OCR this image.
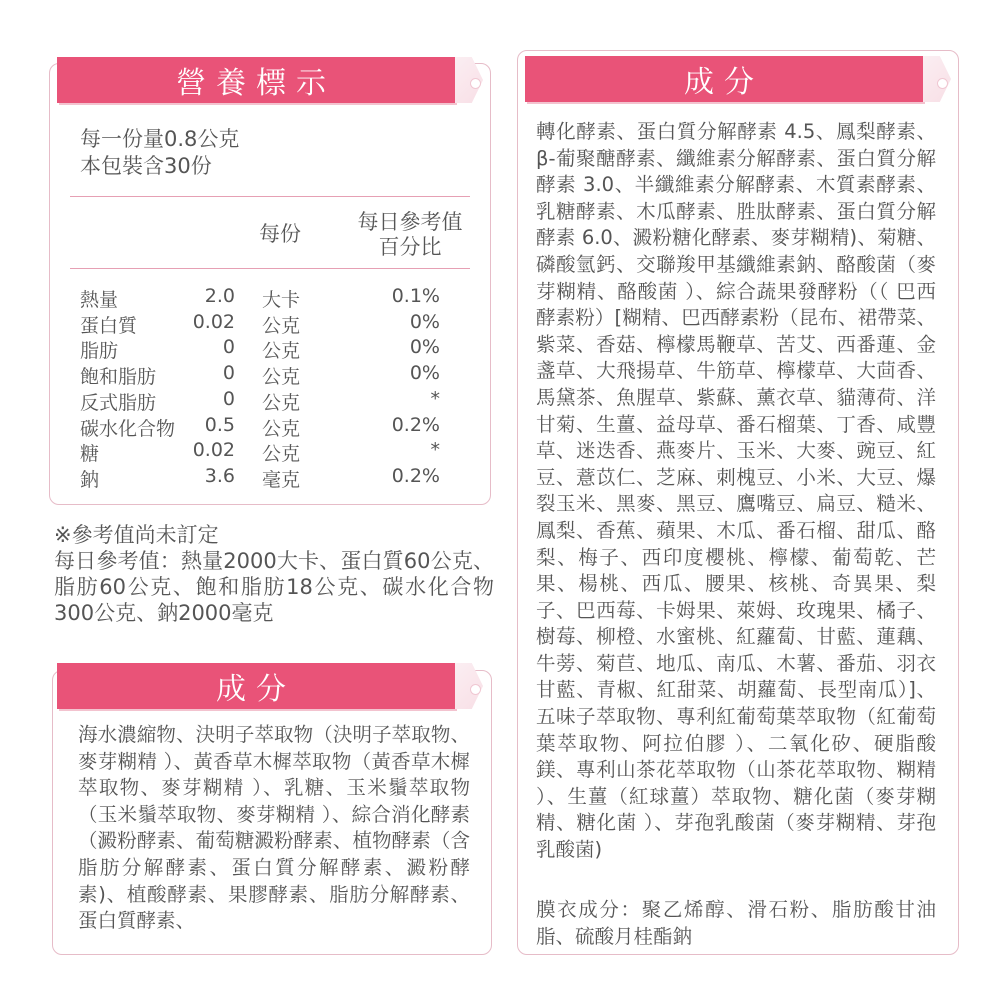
營養標示
每一份量0.8公克
本包裝含30份
每份	每日參考值
百分比
熱量	2.0 大卡	0.1%
蛋白質	0.02 公克	0%
脂肪	0 公克	0%
飽和脂肪	0 公克	0%
反式脂肪	0 公克	*
碳水化合物 0.5 公克	0.2%
糖	0.02 公克	*
鈉	3.6 毫克	0.2%
※參考值尚未訂定
每日參考值：熱量2000大卡、蛋白質60公克、脂肪60公克、飽和脂肪18公克、碳水化合物300公克、鈉2000毫克
成分
海水濃縮物、決明子萃取物（決明子萃取物、麥芽糊精 ）、黃香草木樨萃取物（黃香草木樨萃取物、麥芽糊精 ）、乳糖、玉米鬚萃取物（玉米鬚萃取物、麥芽糊精 ）、綜合消化酵素（澱粉酵素、葡萄糖澱粉酵素、植物酵素（含脂肪分解酵素、蛋白質分解酵素、澱粉酵素)、植酸酵素、果膠酵素、脂肪分解酵素、蛋白質酵素、
成分
轉化酵素、蛋白質分解酵素 4.5、鳳梨酵素、β-葡聚醣酵素、纖維素分解酵素、蛋白質分解酵素 3.0、半纖維素分解酵素、木質素酵素、乳糖酵素、木瓜酵素、胜肽酵素、蛋白質分解酵素 6.0、澱粉糖化酵素、麥芽糊精)、菊糖、磷酸氫鈣、交聯羧甲基纖維素鈉、酪酸菌（麥芽糊精、酪酸菌 ）、綜合蔬果發酵粉（（ 巴西酵素粉）[糊精、巴西酵素粉（昆布、裙帶菜、紫菜、香菇、檸檬馬鞭草、苦艾、西番蓮、金盞草、大飛揚草、牛筋草、檸檬草、大茴香、馬黛茶、魚腥草、紫蘇、薰衣草、貓薄荷、洋甘菊、生薑、益母草、番石榴葉、丁香、咸豐草、迷迭香、燕麥片、玉米、大麥、豌豆、紅豆、薏苡仁、芝麻、刺槐豆、小米、大豆、爆裂玉米、黑麥、黑豆、鷹嘴豆、扁豆、糙米、鳳梨、香蕉、蘋果、木瓜、番石榴、甜瓜、酪梨、梅子、西印度櫻桃、檸檬、葡萄乾、芒果、楊桃、西瓜、腰果、核桃、奇異果、梨子、巴西莓、卡姆果、萊姆、玫瑰果、橘子、樹莓、柳橙、水蜜桃、紅蘿蔔、甘藍、蓮藕、牛蒡、菊苣、地瓜、南瓜、木薯、番茄、羽衣甘藍、青椒、紅甜菜、胡蘿蔔、長型南瓜）]、五味子萃取物、專利紅葡萄葉萃取物（紅葡萄葉萃取物、阿拉伯膠 ）、二氧化矽、硬脂酸鎂、專利山茶花萃取物（山茶花萃取物、糊精 ）、生薑（紅球薑）萃取物、糖化菌（麥芽糊精、糖化菌 ）、芽孢乳酸菌（麥芽糊精、芽孢乳酸菌)
膜衣成分：聚乙烯醇、滑石粉、脂肪酸甘油脂、硫酸月桂酯鈉
